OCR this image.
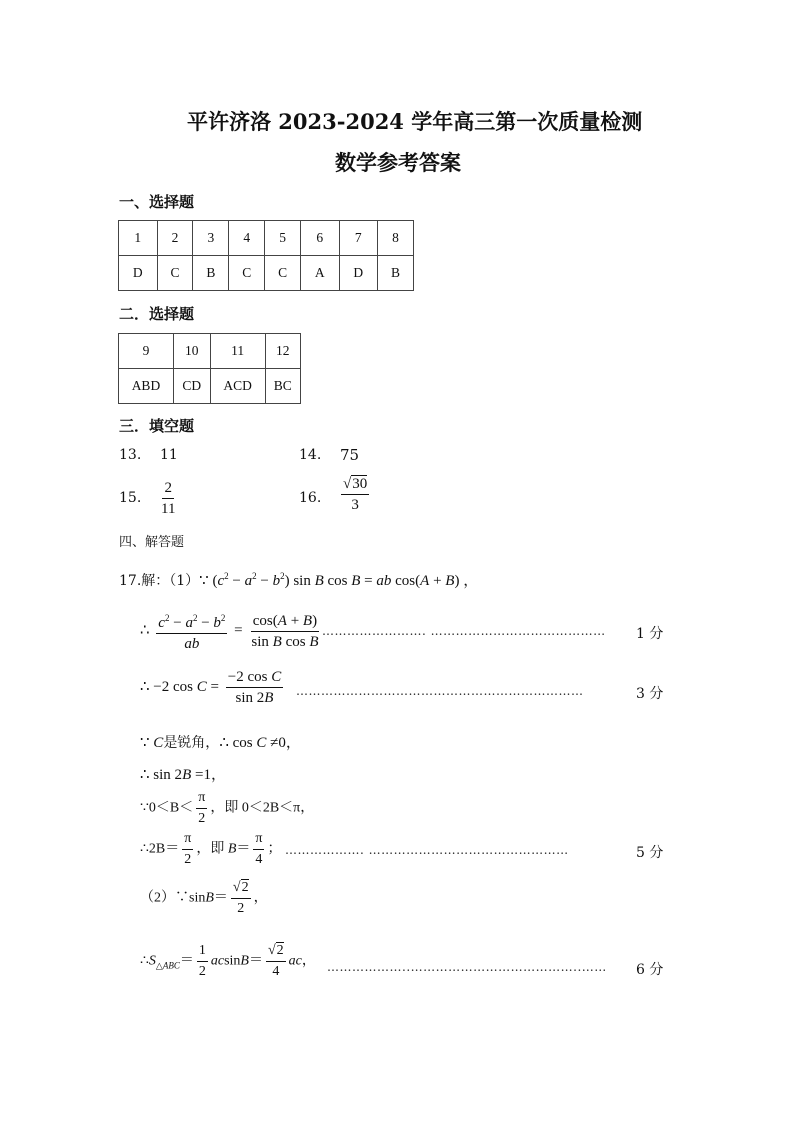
平许济洛 2023-2024 学年高三第一次质量检测
数学参考答案
一、选择题
1	2	3	4	5	6	7	8
D	C	B	C	C	A	D	B
二．选择题
9	10	11	12
ABD	CD	ACD	BC
三．填空题
13. 11	14. 75
15. $\frac{2}{11}$	16. $\frac{√30}{3}$
四、解答题
17.解：（1）∵ $(c^2 - a^2 - b^2)$ sin B cos B = ab cos(A + B) ，
∴ $\frac{c^2 - a^2 - b^2}{ab} = \frac{\cos(A + B)}{\text{sin B cos B}}$ ……………………. …………………………………… 1 分
∴ −2 $\cos C = \frac{\text{−2 cos C}}{\sin 2B}$ ……………………………………………………………	3 分
∵ C是锐角，∴ cos C ≠0，
∴ sin 2B =1，
∵0＜B＜ $\frac{\pi}{2}$ ，即 0＜2B＜π，
∴2B＝ $\frac{\pi}{2}$ ，即 $B= \frac{\pi}{4}$ ； ………………. …………………………………………	5 分
（2）∵sinB＝ $\frac{√2}{2}$ ，
$\therefore S_{\triangle ABC}= \frac{1}{2} acsinB= \frac{√2}{4}$ ac， ………………..…………………………………..…… 6 分
